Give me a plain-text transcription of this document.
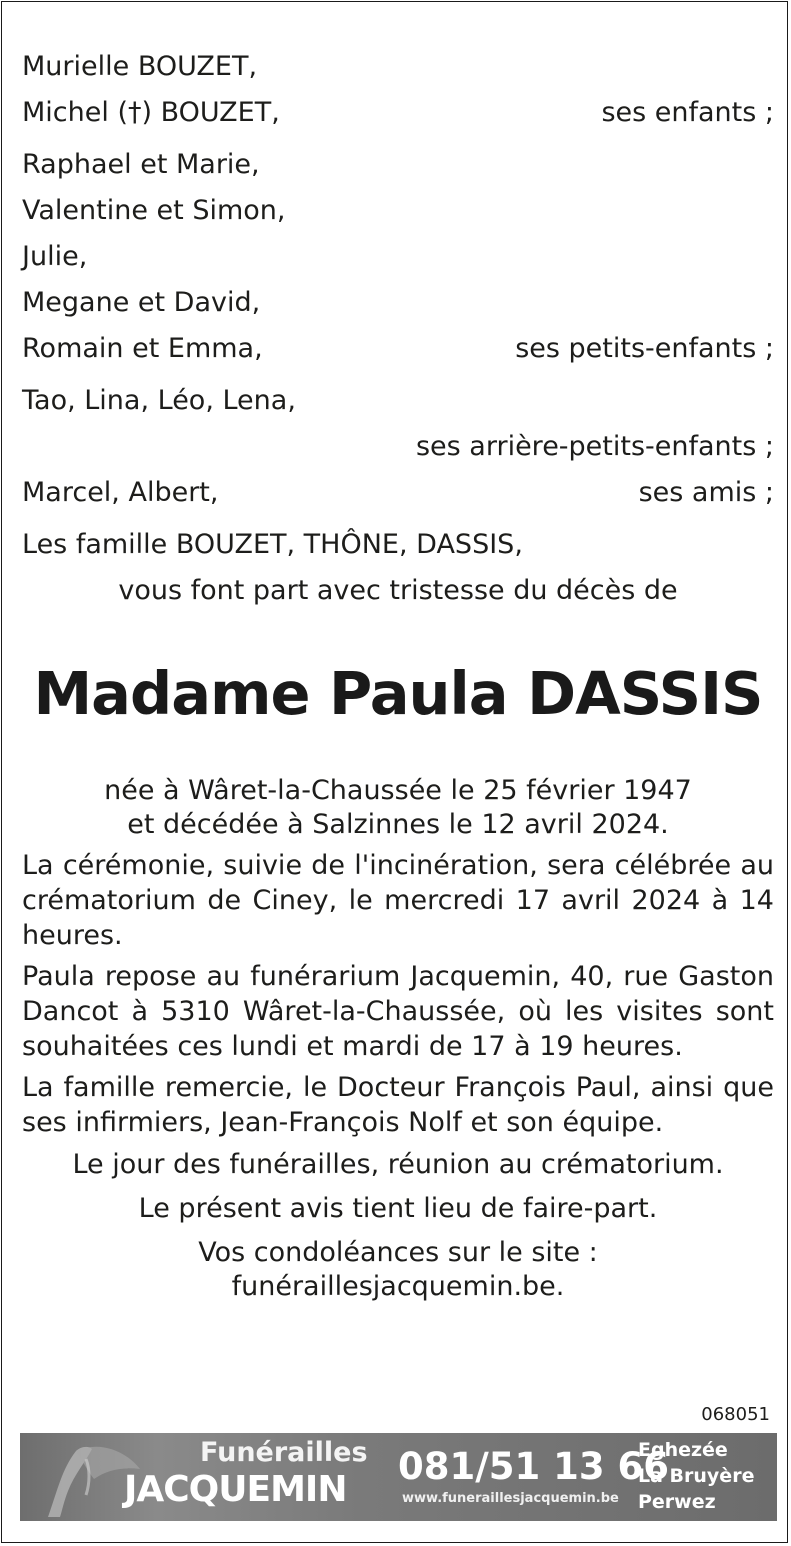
Murielle BOUZET,
Michel (†) BOUZET,	ses enfants ;
Raphael et Marie,
Valentine et Simon,
Julie,
Megane et David,
Romain et Emma,	ses petits-enfants ;
Tao, Lina, Léo, Lena,
ses arrière-petits-enfants ;
Marcel, Albert,	ses amis ;
Les famille BOUZET, THÔNE, DASSIS,
vous font part avec tristesse du décès de
Madame Paula DASSIS
née à Wâret-la-Chaussée le 25 février 1947
et décédée à Salzinnes le 12 avril 2024.
La cérémonie, suivie de l'incinération, sera célébrée au crématorium de Ciney, le mercredi 17 avril 2024 à 14 heures.
Paula repose au funérarium Jacquemin, 40, rue Gaston Dancot à 5310 Wâret-la-Chaussée, où les visites sont souhaitées ces lundi et mardi de 17 à 19 heures.
La famille remercie, le Docteur François Paul, ainsi que ses infirmiers, Jean-François Nolf et son équipe.
Le jour des funérailles, réunion au crématorium.
Le présent avis tient lieu de faire-part.
Vos condoléances sur le site :
funéraillesjacquemin.be.
068051
Funérailles
JACQUEMIN
081/51 13 66
www.funeraillesjacquemin.be
Eghezée
La Bruyère
Perwez
